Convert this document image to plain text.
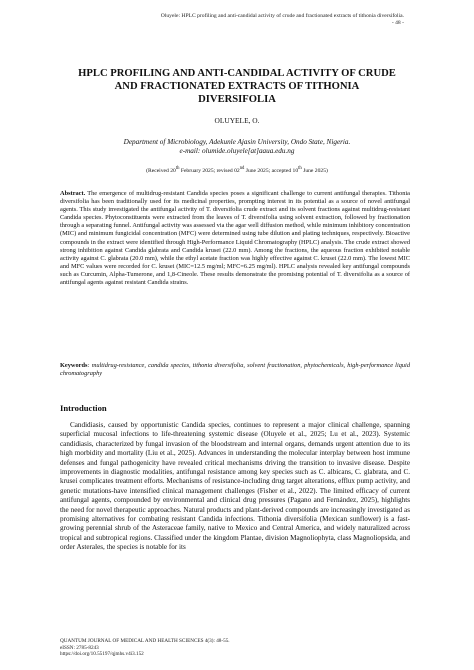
Oluyele: HPLC profiling and anti-candidal activity of crude and fractionated extracts of tithonia diversifolia.
- 48 -
HPLC PROFILING AND ANTI-CANDIDAL ACTIVITY OF CRUDE
AND FRACTIONATED EXTRACTS OF TITHONIA
DIVERSIFOLIA
OLUYELE, O.
Department of Microbiology, Adekunle Ajasin University, Ondo State, Nigeria.
e-mail: olumide.oluyele[at]aaua.edu.ng
(Received 20th February 2025; revised 02nd June 2025; accepted 10th June 2025)
Abstract. The emergence of multidrug-resistant Candida species poses a significant challenge to current antifungal therapies. Tithonia diversifolia has been traditionally used for its medicinal properties, prompting interest in its potential as a source of novel antifungal agents. This study investigated the antifungal activity of T. diversifolia crude extract and its solvent fractions against multidrug-resistant Candida species. Phytoconstituents were extracted from the leaves of T. diversifolia using solvent extraction, followed by fractionation through a separating funnel. Antifungal activity was assessed via the agar well diffusion method, while minimum inhibitory concentration (MIC) and minimum fungicidal concentration (MFC) were determined using tube dilution and plating techniques, respectively. Bioactive compounds in the extract were identified through High-Performance Liquid Chromatography (HPLC) analysis. The crude extract showed strong inhibition against Candida glabrata and Candida krusei (22.0 mm). Among the fractions, the aqueous fraction exhibited notable activity against C. glabrata (20.0 mm), while the ethyl acetate fraction was highly effective against C. krusei (22.0 mm). The lowest MIC and MFC values were recorded for C. krusei (MIC=12.5 mg/ml; MFC=6.25 mg/ml). HPLC analysis revealed key antifungal compounds such as Curcumin, Alpha-Tumerone, and 1,8-Cineole. These results demonstrate the promising potential of T. diversifolia as a source of antifungal agents against resistant Candida strains.
Keywords: multidrug-resistance, candida species, tithonia diversifolia, solvent fractionation, phytochemicals, high-performance liquid chromatography
Introduction
Candidiasis, caused by opportunistic Candida species, continues to represent a major clinical challenge, spanning superficial mucosal infections to life-threatening systemic disease (Oluyele et al., 2025; Lu et al., 2023). Systemic candidiasis, characterized by fungal invasion of the bloodstream and internal organs, demands urgent attention due to its high morbidity and mortality (Liu et al., 2025). Advances in understanding the molecular interplay between host immune defenses and fungal pathogenicity have revealed critical mechanisms driving the transition to invasive disease. Despite improvements in diagnostic modalities, antifungal resistance among key species such as C. albicans, C. glabrata, and C. krusei complicates treatment efforts. Mechanisms of resistance-including drug target alterations, efflux pump activity, and genetic mutations-have intensified clinical management challenges (Fisher et al., 2022). The limited efficacy of current antifungal agents, compounded by environmental and clinical drug pressures (Pagano and Fernández, 2025), highlights the need for novel therapeutic approaches. Natural products and plant-derived compounds are increasingly investigated as promising alternatives for combating resistant Candida infections. Tithonia diversifolia (Mexican sunflower) is a fast-growing perennial shrub of the Asteraceae family, native to Mexico and Central America, and widely naturalized across tropical and subtropical regions. Classified under the kingdom Plantae, division Magnoliophyta, class Magnoliopsida, and order Asterales, the species is notable for its
QUANTUM JOURNAL OF MEDICAL AND HEALTH SCIENCES 4(3): 48-55.
eISSN: 2785-8243
https://doi.org/10.55197/qjmhs.v4i3.152
